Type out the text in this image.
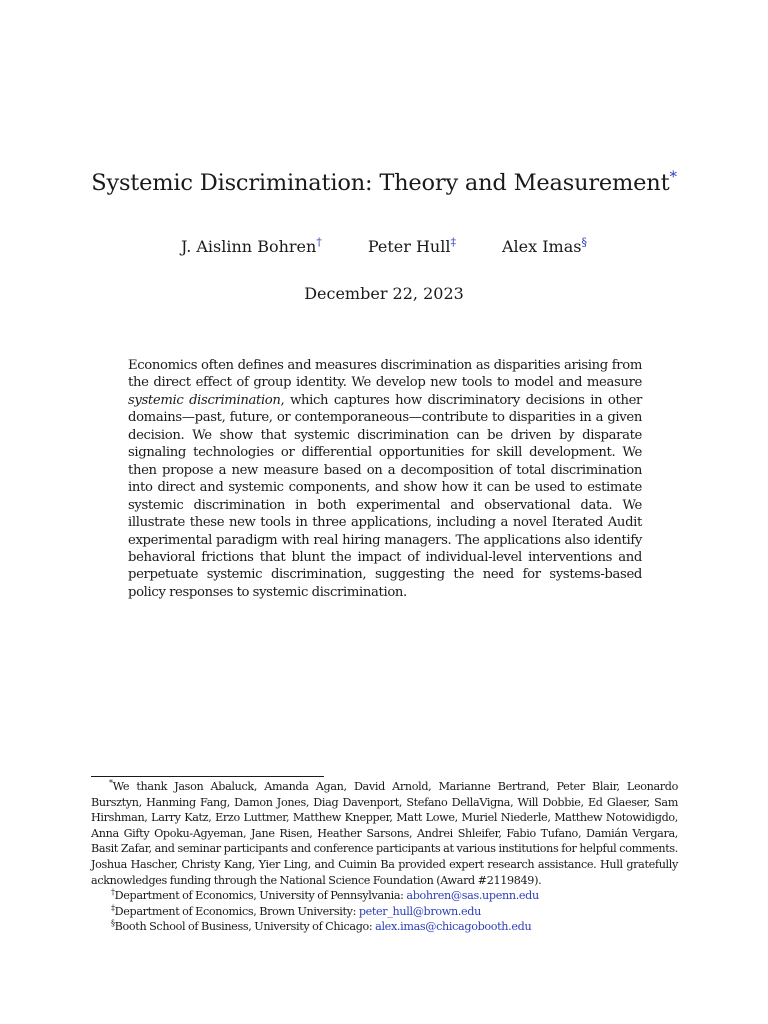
Systemic Discrimination: Theory and Measurement*
J. Aislinn Bohren†	Peter Hull‡	Alex Imas§
December 22, 2023

Economics often defines and measures discrimination as disparities arising from the direct effect of group identity. We develop new tools to model and measure systemic discrimination, which captures how discriminatory decisions in other domains—past, future, or contemporaneous—contribute to disparities in a given decision. We show that systemic discrimination can be driven by disparate signaling technologies or differential opportunities for skill development. We then propose a new measure based on a decomposition of total discrimination into direct and systemic components, and show how it can be used to estimate systemic discrimination in both experimental and observational data. We illustrate these new tools in three applications, including a novel Iterated Audit experimental paradigm with real hiring managers. The applications also identify behavioral frictions that blunt the impact of individual-level interventions and perpetuate systemic discrimination, suggesting the need for systems-based policy responses to systemic discrimination.

*We thank Jason Abaluck, Amanda Agan, David Arnold, Marianne Bertrand, Peter Blair, Leonardo Bursztyn, Hanming Fang, Damon Jones, Diag Davenport, Stefano DellaVigna, Will Dobbie, Ed Glaeser, Sam Hirshman, Larry Katz, Erzo Luttmer, Matthew Knepper, Matt Lowe, Muriel Niederle, Matthew Notowidigdo, Anna Gifty Opoku-Agyeman, Jane Risen, Heather Sarsons, Andrei Shleifer, Fabio Tufano, Damián Vergara, Basit Zafar, and seminar participants and conference participants at various institutions for helpful comments. Joshua Hascher, Christy Kang, Yier Ling, and Cuimin Ba provided expert research assistance. Hull gratefully acknowledges funding through the National Science Foundation (Award #2119849).

†Department of Economics, University of Pennsylvania: abohren@sas.upenn.edu

‡Department of Economics, Brown University: peter_hull@brown.edu

§Booth School of Business, University of Chicago: alex.imas@chicagobooth.edu
